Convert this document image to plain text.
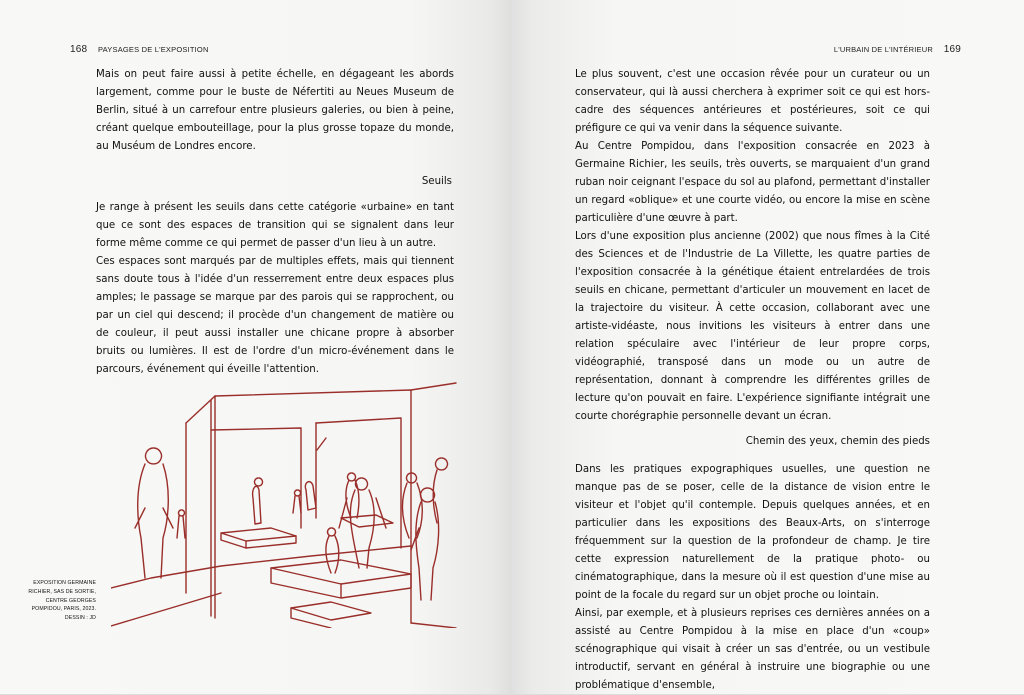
168 PAYSAGES DE L'EXPOSITION

Mais on peut faire aussi à petite échelle, en dégageant les abords largement, comme pour le buste de Néfertiti au Neues Museum de Berlin, situé à un carrefour entre plusieurs galeries, ou bien à peine, créant quelque embouteillage, pour la plus grosse topaze du monde, au Muséum de Londres encore.

Seuils

Je range à présent les seuils dans cette catégorie «urbaine» en tant que ce sont des espaces de transition qui se signalent dans leur forme même comme ce qui permet de passer d'un lieu à un autre.

Ces espaces sont marqués par de multiples effets, mais qui tiennent sans doute tous à l'idée d'un resserrement entre deux espaces plus amples; le passage se marque par des parois qui se rapprochent, ou par un ciel qui descend; il procède d'un changement de matière ou de couleur, il peut aussi installer une chicane propre à absorber bruits ou lumières. Il est de l'ordre d'un micro-événement dans le parcours, événement qui éveille l'attention.

EXPOSITION GERMAINE RICHIER, SAS DE SORTIE, CENTRE GEORGES POMPIDOU, PARIS, 2023. DESSIN : JD
L'URBAIN DE L'INTÉRIEUR 169

Le plus souvent, c'est une occasion rêvée pour un curateur ou un conservateur, qui là aussi cherchera à exprimer soit ce qui est hors-cadre des séquences antérieures et postérieures, soit ce qui préfigure ce qui va venir dans la séquence suivante.

Au Centre Pompidou, dans l'exposition consacrée en 2023 à Germaine Richier, les seuils, très ouverts, se marquaient d'un grand ruban noir ceignant l'espace du sol au plafond, permettant d'installer un regard «oblique» et une courte vidéo, ou encore la mise en scène particulière d'une œuvre à part.

Lors d'une exposition plus ancienne (2002) que nous fîmes à la Cité des Sciences et de l'Industrie de La Villette, les quatre parties de l'exposition consacrée à la génétique étaient entrelardées de trois seuils en chicane, permettant d'articuler un mouvement en lacet de la trajectoire du visiteur. À cette occasion, collaborant avec une artiste-vidéaste, nous invitions les visiteurs à entrer dans une relation spéculaire avec l'intérieur de leur propre corps, vidéographié, transposé dans un mode ou un autre de représentation, donnant à comprendre les différentes grilles de lecture qu'on pouvait en faire. L'expérience signifiante intégrait une courte chorégraphie personnelle devant un écran.

Chemin des yeux, chemin des pieds

Dans les pratiques expographiques usuelles, une question ne manque pas de se poser, celle de la distance de vision entre le visiteur et l'objet qu'il contemple. Depuis quelques années, et en particulier dans les expositions des Beaux-Arts, on s'interroge fréquemment sur la question de la profondeur de champ. Je tire cette expression naturellement de la pratique photo- ou cinématographique, dans la mesure où il est question d'une mise au point de la focale du regard sur un objet proche ou lointain.

Ainsi, par exemple, et à plusieurs reprises ces dernières années on a assisté au Centre Pompidou à la mise en place d'un «coup» scénographique qui visait à créer un sas d'entrée, ou un vestibule introductif, servant en général à instruire une biographie ou une problématique d'ensemble,
